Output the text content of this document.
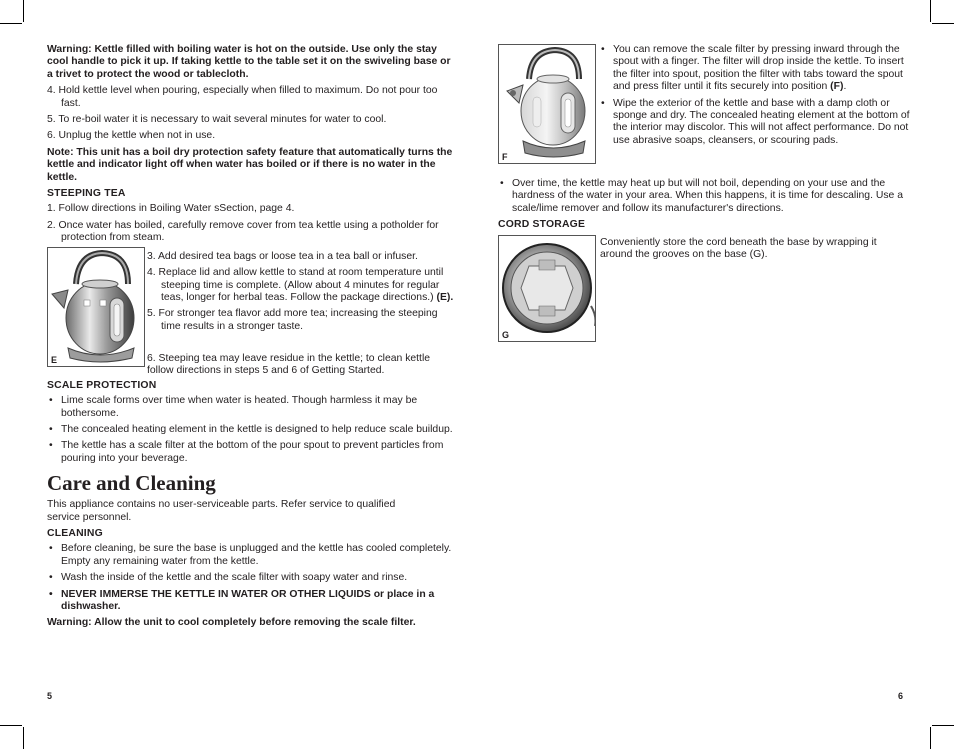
Warning: Kettle filled with boiling water is hot on the outside. Use only the stay cool handle to pick it up. If taking kettle to the table set it on the swiveling base or a trivet to protect the wood or tablecloth.

4. Hold kettle level when pouring, especially when filled to maximum. Do not pour too fast.

5. To re-boil water it is necessary to wait several minutes for water to cool.

6. Unplug the kettle when not in use.

Note: This unit has a boil dry protection safety feature that automatically turns the kettle and indicator light off when water has boiled or if there is no water in the kettle.

STEEPING TEA

1. Follow directions in Boiling Water sSection, page 4.

2. Once water has boiled, carefully remove cover from tea kettle using a potholder for protection from steam.

E

3. Add desired tea bags or loose tea in a tea ball or infuser.

4. Replace lid and allow kettle to stand at room temperature until steeping time is complete. (Allow about 4 minutes for regular teas, longer for herbal teas. Follow the package directions.) (E).

5. For stronger tea flavor add more tea; increasing the steeping time results in a stronger taste.

6. Steeping tea may leave residue in the kettle; to clean kettle follow directions in steps 5 and 6 of Getting Started.

SCALE PROTECTION

• Lime scale forms over time when water is heated. Though harmless it may be bothersome.

• The concealed heating element in the kettle is designed to help reduce scale buildup.

• The kettle has a scale filter at the bottom of the pour spout to prevent particles from pouring into your beverage.

Care and Cleaning

This appliance contains no user-serviceable parts. Refer service to qualified service personnel.

CLEANING

• Before cleaning, be sure the base is unplugged and the kettle has cooled completely. Empty any remaining water from the kettle.

• Wash the inside of the kettle and the scale filter with soapy water and rinse.

• NEVER IMMERSE THE KETTLE IN WATER OR OTHER LIQUIDS or place in a dishwasher.

Warning: Allow the unit to cool completely before removing the scale filter.

5
F

• You can remove the scale filter by pressing inward through the spout with a finger. The filter will drop inside the kettle. To insert the filter into spout, position the filter with tabs toward the spout and press filter until it fits securely into position (F).

• Wipe the exterior of the kettle and base with a damp cloth or sponge and dry. The concealed heating element at the bottom of the interior may discolor. This will not affect performance. Do not use abrasive soaps, cleansers, or scouring pads.

• Over time, the kettle may heat up but will not boil, depending on your use and the hardness of the water in your area. When this happens, it is time for descaling. Use a scale/lime remover and follow its manufacturer's directions.

CORD STORAGE
G

Conveniently store the cord beneath the base by wrapping it around the grooves on the base (G).

6
